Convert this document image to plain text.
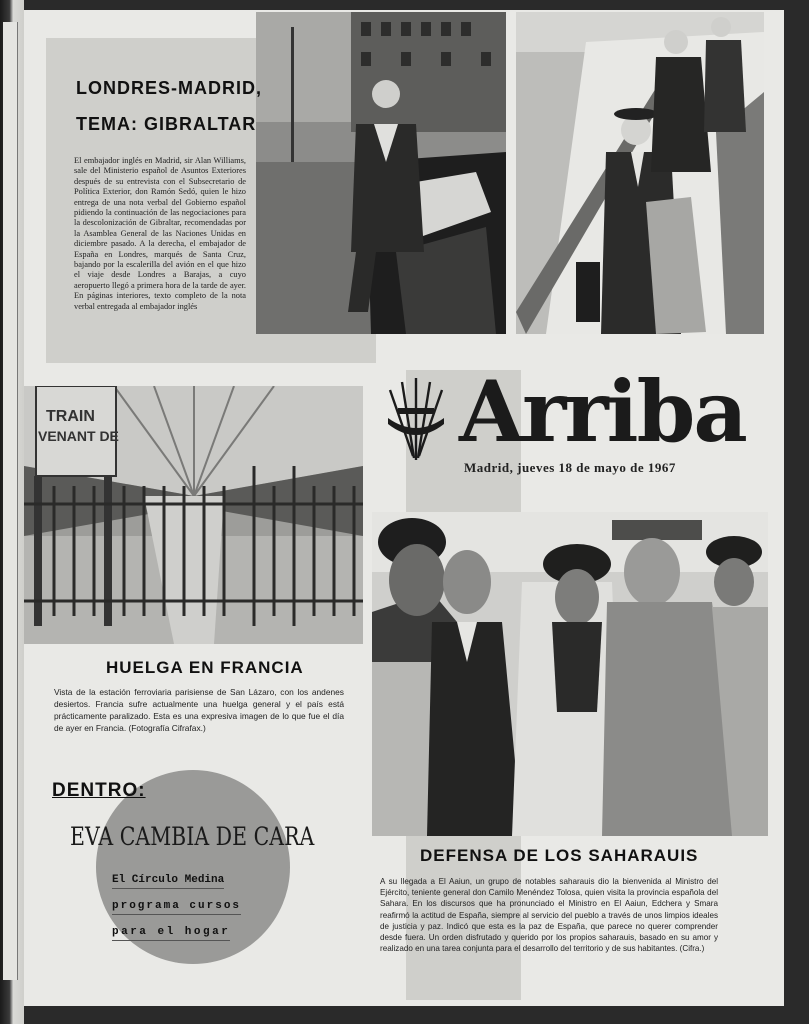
LONDRES-MADRID,
TEMA: GIBRALTAR
El embajador inglés en Madrid, sir Alan Williams, sale del Ministerio español de Asuntos Exteriores después de su entrevista con el Subsecretario de Política Exterior, don Ramón Sedó, quien le hizo entrega de una nota verbal del Gobierno español pidiendo la continuación de las negociaciones para la descolonización de Gibraltar, recomendadas por la Asamblea General de las Naciones Unidas en diciembre pasado. A la derecha, el embajador de España en Londres, marqués de Santa Cruz, bajando por la escalerilla del avión en el que hizo el viaje desde Londres a Barajas, a cuyo aeropuerto llegó a primera hora de la tarde de ayer. En páginas interiores, texto completo de la nota verbal entregada al embajador inglés
TRAIN
VENANT DE
HUELGA EN FRANCIA
Vista de la estación ferroviaria parisiense de San Lázaro, con los andenes desiertos. Francia sufre actualmente una huelga general y el país está prácticamente paralizado. Esta es una expresiva imagen de lo que fue el día de ayer en Francia. (Fotografía Cifrafax.)
DENTRO:
EVA CAMBIA DE CARA
El Círculo Medina
programa cursos
para el hogar
Arriba
Madrid, jueves 18 de mayo de 1967
DEFENSA DE LOS SAHARAUIS
A su llegada a El Aaiun, un grupo de notables saharauis dio la bienvenida al Ministro del Ejército, teniente general don Camilo Menéndez Tolosa, quien visita la provincia española del Sahara. En los discursos que ha pronunciado el Ministro en El Aaiun, Edchera y Smara reafirmó la actitud de España, siempre al servicio del pueblo a través de unos limpios ideales de justicia y paz. Indicó que esta es la paz de España, que parece no querer comprender desde fuera. Un orden disfrutado y querido por los propios saharauis, basado en su amor y realizado en una tarea conjunta para el desarrollo del territorio y de sus habitantes. (Cifra.)
